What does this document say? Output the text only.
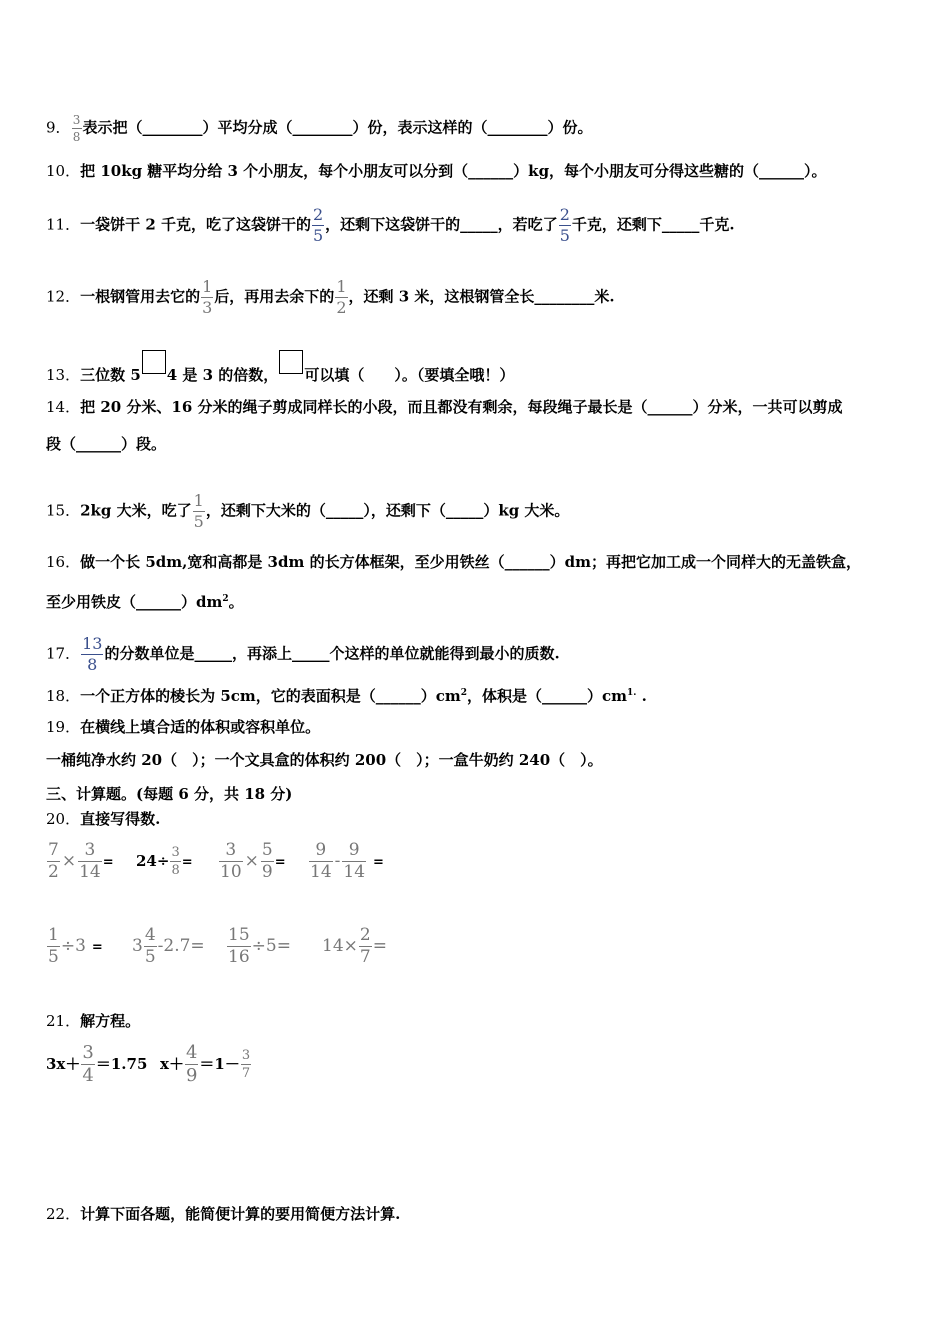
9． $\frac{3}{8}$ 表示把（________）平均分成（________）份，表示这样的（________）份。
10．把 10kg 糖平均分给 3 个小朋友，每个小朋友可以分到（______）kg，每个小朋友可分得这些糖的（______）。
11．一袋饼干 2 千克，吃了这袋饼干的 $\frac{2}{5}$ ，还剩下这袋饼干的_____，若吃了 $\frac{2}{5}$ 千克，还剩下_____千克.
12．一根钢管用去它的 $\frac{1}{3}$ 后，再用去余下的 $\frac{1}{2}$ ，还剩 3 米，这根钢管全长________米.
13．三位数 5 4 是 3 的倍数， 可以填（　　）。（要填全哦！）
14．把 20 分米、16 分米的绳子剪成同样长的小段，而且都没有剩余，每段绳子最长是（______）分米，一共可以剪成
段（______）段。
15．2kg 大米，吃了 $\frac{1}{5}$ ，还剩下大米的（_____），还剩下（_____）kg 大米。
16．做一个长 5dm,宽和高都是 3dm 的长方体框架，至少用铁丝（______）dm；再把它加工成一个同样大的无盖铁盒，
至少用铁皮$(\_\_\_\_\_\_)dm^2$。
17． $\frac{13}{8}$ 的分数单位是_____，再添上_____个这样的单位就能得到最小的质数.
18．一个正方体的棱长为 5cm，它的表面积是$(\_\_\_\_\_\_)cm^2$，体积是$(\_\_\_\_\_\_)cm^{1.}$ .
19．在横线上填合适的体积或容积单位。
一桶纯净水约 20（　）；一个文具盒的体积约 200（　）；一盒牛奶约 240（　）。
三、计算题。(每题 6 分，共 18 分)
20．直接写得数.
$\frac{7}{2} \times \frac{3}{14} = 24\div \frac{3}{8} = \frac{3}{10} \times \frac{5}{9} = \frac{9}{14} - \frac{9}{14}$ =
$\frac{1}{5} \div 3 = 3 \frac{4}{5} -2.7= \frac{15}{16} \div 5= 14\times \frac{2}{7}$ =
21．解方程。
$3x+ \frac{3}{4} =1.75$ $x+ \frac{4}{9} =1- \frac{3}{7}$
22．计算下面各题，能简便计算的要用简便方法计算.
